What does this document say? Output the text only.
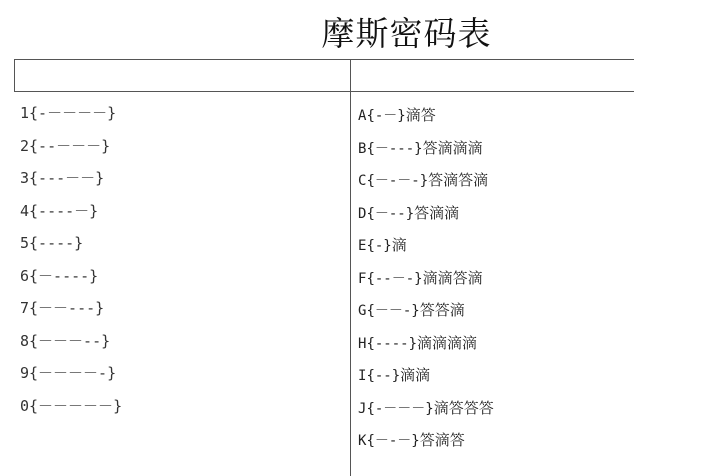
摩斯密码表
1{-－－－－}
2{--－－－}
3{---－－}
4{----－}
5{----}
6{－----}
7{－－---}
8{－－－--}
9{－－－－-}
0{－－－－－}
A{-－}滴答
B{－---}答滴滴滴
C{－-－-}答滴答滴
D{－--}答滴滴
E{-}滴
F{--－-}滴滴答滴
G{－－-}答答滴
H{----}滴滴滴滴
I{--}滴滴
J{-－－－}滴答答答
K{－-－}答滴答
